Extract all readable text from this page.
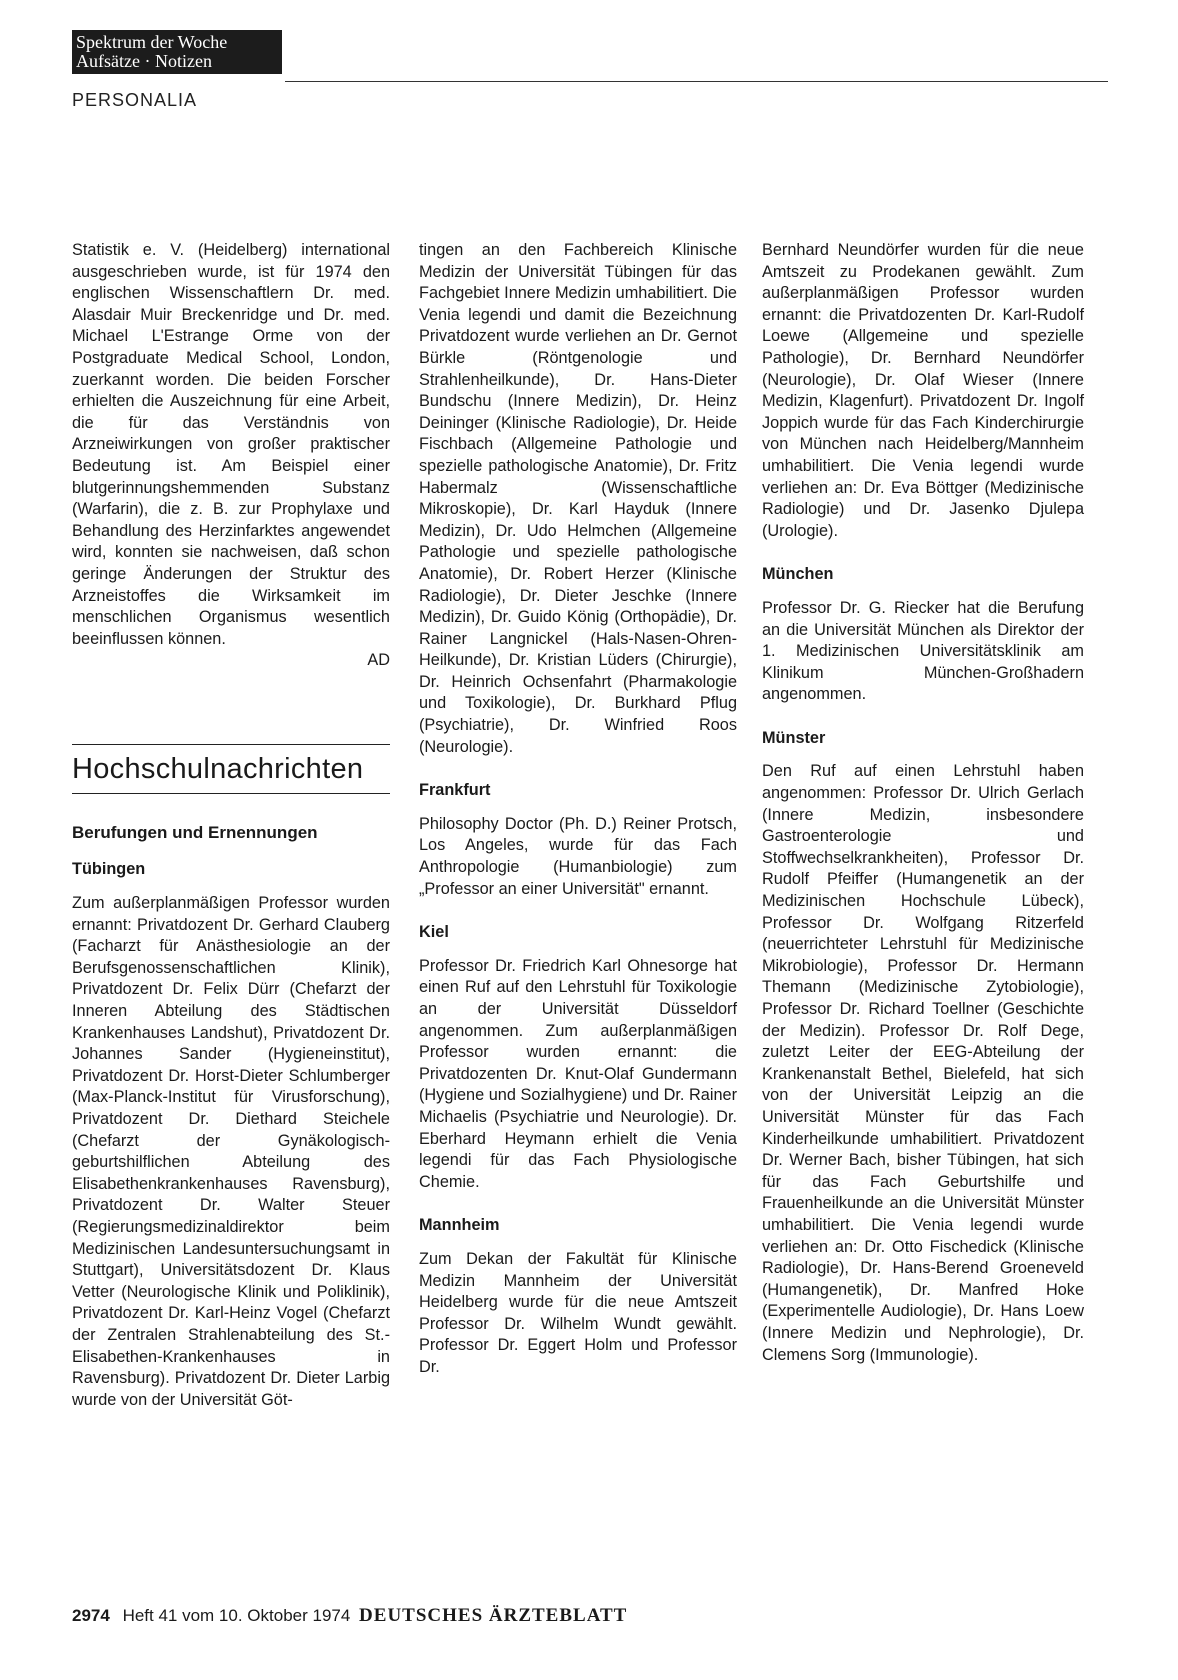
Spektrum der Woche
Aufsätze · Notizen
PERSONALIA

Statistik e. V. (Heidelberg) international ausgeschrieben wurde, ist für 1974 den englischen Wissenschaftlern Dr. med. Alasdair Muir Breckenridge und Dr. med. Michael L'Estrange Orme von der Postgraduate Medical School, London, zuerkannt worden. Die beiden Forscher erhielten die Auszeichnung für eine Arbeit, die für das Verständnis von Arzneiwirkungen von großer praktischer Bedeutung ist. Am Beispiel einer blutgerinnungshemmenden Substanz (Warfarin), die z. B. zur Prophylaxe und Behandlung des Herzinfarktes angewendet wird, konnten sie nachweisen, daß schon geringe Änderungen der Struktur des Arzneistoffes die Wirksamkeit im menschlichen Organismus wesentlich beeinflussen können.
AD

Hochschulnachrichten
Berufungen und Ernennungen
Tübingen

Zum außerplanmäßigen Professor wurden ernannt: Privatdozent Dr. Gerhard Clauberg (Facharzt für Anästhesiologie an der Berufsgenossenschaftlichen Klinik), Privatdozent Dr. Felix Dürr (Chefarzt der Inneren Abteilung des Städtischen Krankenhauses Landshut), Privatdozent Dr. Johannes Sander (Hygieneinstitut), Privatdozent Dr. Horst-Dieter Schlumberger (Max-Planck-Institut für Virusforschung), Privatdozent Dr. Diethard Steichele (Chefarzt der Gynäkologisch-geburtshilflichen Abteilung des Elisabethenkrankenhauses Ravensburg), Privatdozent Dr. Walter Steuer (Regierungsmedizinaldirektor beim Medizinischen Landesuntersuchungsamt in Stuttgart), Universitätsdozent Dr. Klaus Vetter (Neurologische Klinik und Poliklinik), Privatdozent Dr. Karl-Heinz Vogel (Chefarzt der Zentralen Strahlenabteilung des St.-Elisabethen-Krankenhauses in Ravensburg). Privatdozent Dr. Dieter Larbig wurde von der Universität Göt-

tingen an den Fachbereich Klinische Medizin der Universität Tübingen für das Fachgebiet Innere Medizin umhabilitiert. Die Venia legendi und damit die Bezeichnung Privatdozent wurde verliehen an Dr. Gernot Bürkle (Röntgenologie und Strahlenheilkunde), Dr. Hans-Dieter Bundschu (Innere Medizin), Dr. Heinz Deininger (Klinische Radiologie), Dr. Heide Fischbach (Allgemeine Pathologie und spezielle pathologische Anatomie), Dr. Fritz Habermalz (Wissenschaftliche Mikroskopie), Dr. Karl Hayduk (Innere Medizin), Dr. Udo Helmchen (Allgemeine Pathologie und spezielle pathologische Anatomie), Dr. Robert Herzer (Klinische Radiologie), Dr. Dieter Jeschke (Innere Medizin), Dr. Guido König (Orthopädie), Dr. Rainer Langnickel (Hals-Nasen-Ohren-Heilkunde), Dr. Kristian Lüders (Chirurgie), Dr. Heinrich Ochsenfahrt (Pharmakologie und Toxikologie), Dr. Burkhard Pflug (Psychiatrie), Dr. Winfried Roos (Neurologie).

Frankfurt

Philosophy Doctor (Ph. D.) Reiner Protsch, Los Angeles, wurde für das Fach Anthropologie (Humanbiologie) zum „Professor an einer Universität" ernannt.

Kiel

Professor Dr. Friedrich Karl Ohnesorge hat einen Ruf auf den Lehrstuhl für Toxikologie an der Universität Düsseldorf angenommen. Zum außerplanmäßigen Professor wurden ernannt: die Privatdozenten Dr. Knut-Olaf Gundermann (Hygiene und Sozialhygiene) und Dr. Rainer Michaelis (Psychiatrie und Neurologie). Dr. Eberhard Heymann erhielt die Venia legendi für das Fach Physiologische Chemie.

Mannheim

Zum Dekan der Fakultät für Klinische Medizin Mannheim der Universität Heidelberg wurde für die neue Amtszeit Professor Dr. Wilhelm Wundt gewählt. Professor Dr. Eggert Holm und Professor Dr.

Bernhard Neundörfer wurden für die neue Amtszeit zu Prodekanen gewählt. Zum außerplanmäßigen Professor wurden ernannt: die Privatdozenten Dr. Karl-Rudolf Loewe (Allgemeine und spezielle Pathologie), Dr. Bernhard Neundörfer (Neurologie), Dr. Olaf Wieser (Innere Medizin, Klagenfurt). Privatdozent Dr. Ingolf Joppich wurde für das Fach Kinderchirurgie von München nach Heidelberg/Mannheim umhabilitiert. Die Venia legendi wurde verliehen an: Dr. Eva Böttger (Medizinische Radiologie) und Dr. Jasenko Djulepa (Urologie).

München

Professor Dr. G. Riecker hat die Berufung an die Universität München als Direktor der 1. Medizinischen Universitätsklinik am Klinikum München-Großhadern angenommen.

Münster

Den Ruf auf einen Lehrstuhl haben angenommen: Professor Dr. Ulrich Gerlach (Innere Medizin, insbesondere Gastroenterologie und Stoffwechselkrankheiten), Professor Dr. Rudolf Pfeiffer (Humangenetik an der Medizinischen Hochschule Lübeck), Professor Dr. Wolfgang Ritzerfeld (neuerrichteter Lehrstuhl für Medizinische Mikrobiologie), Professor Dr. Hermann Themann (Medizinische Zytobiologie), Professor Dr. Richard Toellner (Geschichte der Medizin). Professor Dr. Rolf Dege, zuletzt Leiter der EEG-Abteilung der Krankenanstalt Bethel, Bielefeld, hat sich von der Universität Leipzig an die Universität Münster für das Fach Kinderheilkunde umhabilitiert. Privatdozent Dr. Werner Bach, bisher Tübingen, hat sich für das Fach Geburtshilfe und Frauenheilkunde an die Universität Münster umhabilitiert. Die Venia legendi wurde verliehen an: Dr. Otto Fischedick (Klinische Radiologie), Dr. Hans-Berend Groeneveld (Humangenetik), Dr. Manfred Hoke (Experimentelle Audiologie), Dr. Hans Loew (Innere Medizin und Nephrologie), Dr. Clemens Sorg (Immunologie).

2974 Heft 41 vom 10. Oktober 1974 DEUTSCHES ÄRZTEBLATT
